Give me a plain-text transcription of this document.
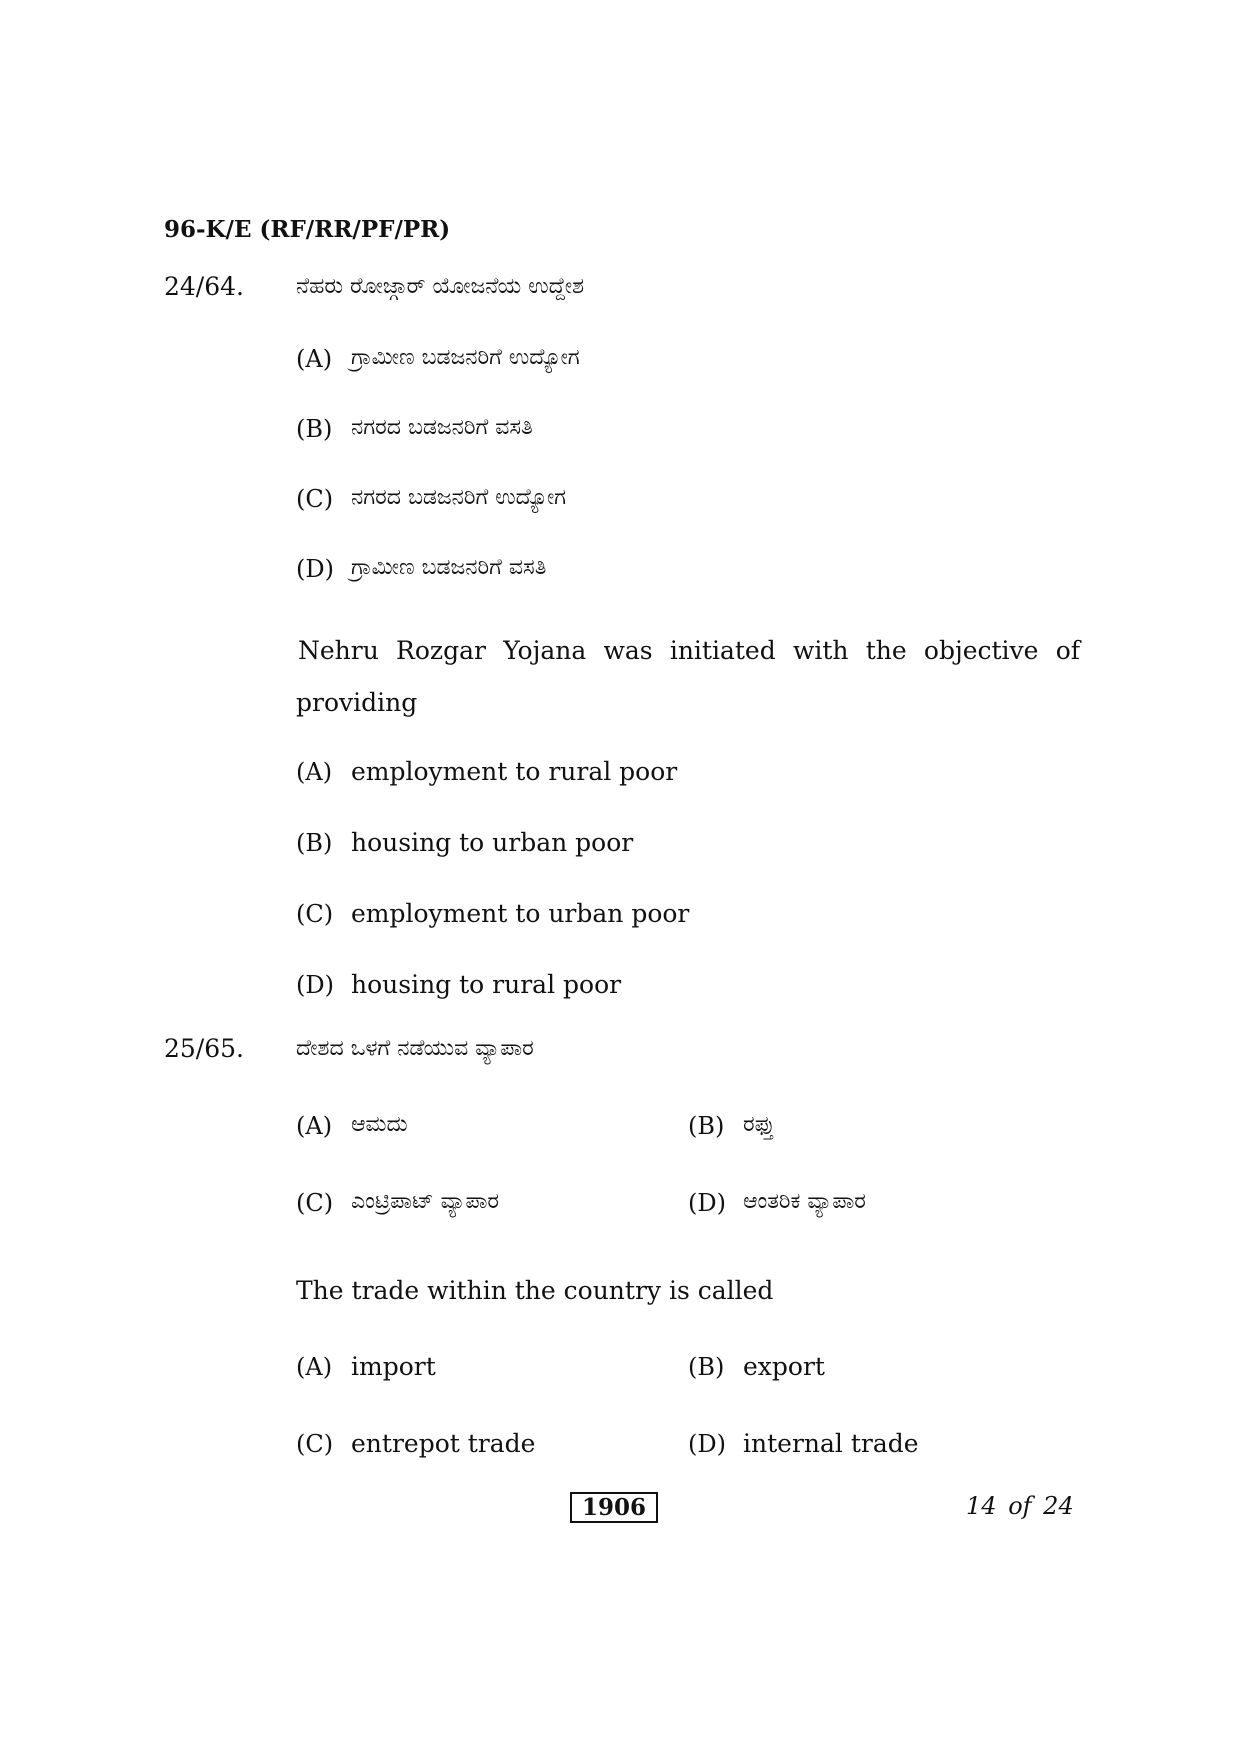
96-K/E (RF/RR/PF/PR)
24/64. ನೆಹರು ರೋಜ್ಗಾರ್ ಯೋಜನೆಯ ಉದ್ದೇಶ
(A) ಗ್ರಾಮೀಣ ಬಡಜನರಿಗೆ ಉದ್ಯೋಗ
(B) ನಗರದ ಬಡಜನರಿಗೆ ವಸತಿ
(C) ನಗರದ ಬಡಜನರಿಗೆ ಉದ್ಯೋಗ
(D) ಗ್ರಾಮೀಣ ಬಡಜನರಿಗೆ ವಸತಿ
Nehru Rozgar Yojana was initiated with the objective of
providing
(A) employment to rural poor
(B) housing to urban poor
(C) employment to urban poor
(D) housing to rural poor
25/65. ದೇಶದ ಒಳಗೆ ನಡೆಯುವ ವ್ಯಾಪಾರ
(A) ಆಮದು	(B) ರಫ್ತು
(C) ಎಂಟ್ರಿಪಾಟ್ ವ್ಯಾಪಾರ	(D) ಆಂತರಿಕ ವ್ಯಾಪಾರ
The trade within the country is called
(A) import	(B) export
(C) entrepot trade	(D) internal trade
1906	14 of 24
